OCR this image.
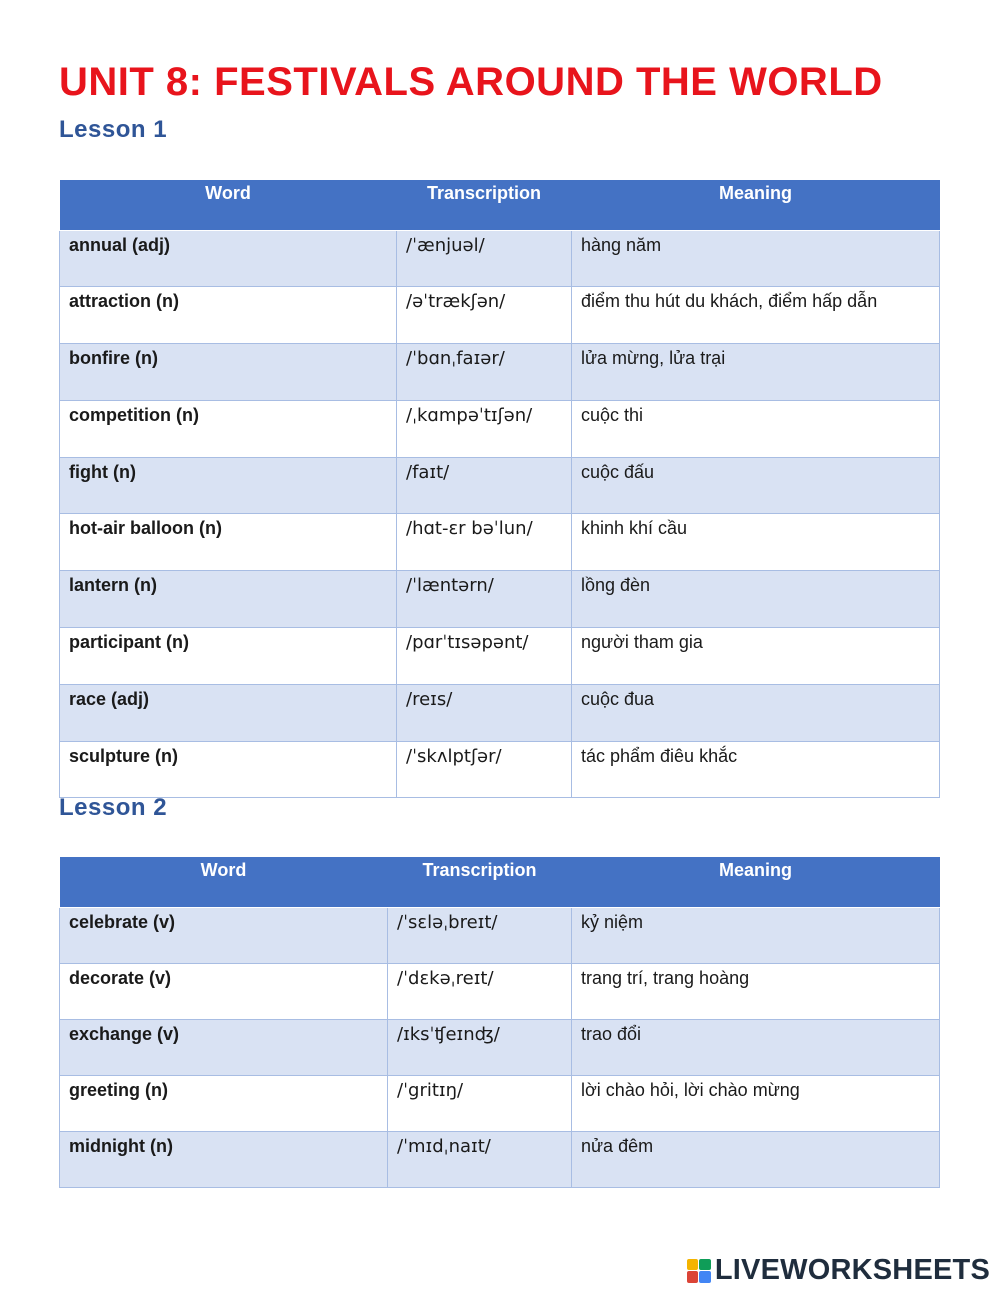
UNIT 8: FESTIVALS AROUND THE WORLD
Lesson 1
Word	Transcription	Meaning
annual (adj)	/ˈænjuəl/	hàng năm
attraction (n)	/əˈtrækʃən/	điểm thu hút du khách, điểm hấp dẫn
bonfire (n)	/ˈbɑnˌfaɪər/	lửa mừng, lửa trại
competition (n)	/ˌkɑmpəˈtɪʃən/	cuộc thi
fight (n)	/faɪt/	cuộc đấu
hot-air balloon (n)	/hɑt-ɛr bəˈlun/	khinh khí cầu
lantern (n)	/ˈlæntərn/	lồng đèn
participant (n)	/pɑrˈtɪsəpənt/	người tham gia
race (adj)	/reɪs/	cuộc đua
sculpture (n)	/ˈskʌlptʃər/	tác phẩm điêu khắc
Lesson 2
Word	Transcription	Meaning
celebrate (v)	/ˈsɛləˌbreɪt/	kỷ niệm
decorate (v)	/ˈdɛkəˌreɪt/	trang trí, trang hoàng
exchange (v)	/ɪksˈʧeɪnʤ/	trao đổi
greeting (n)	/ˈgritɪŋ/	lời chào hỏi, lời chào mừng
midnight (n)	/ˈmɪdˌnaɪt/	nửa đêm
LIVEWORKSHEETS
